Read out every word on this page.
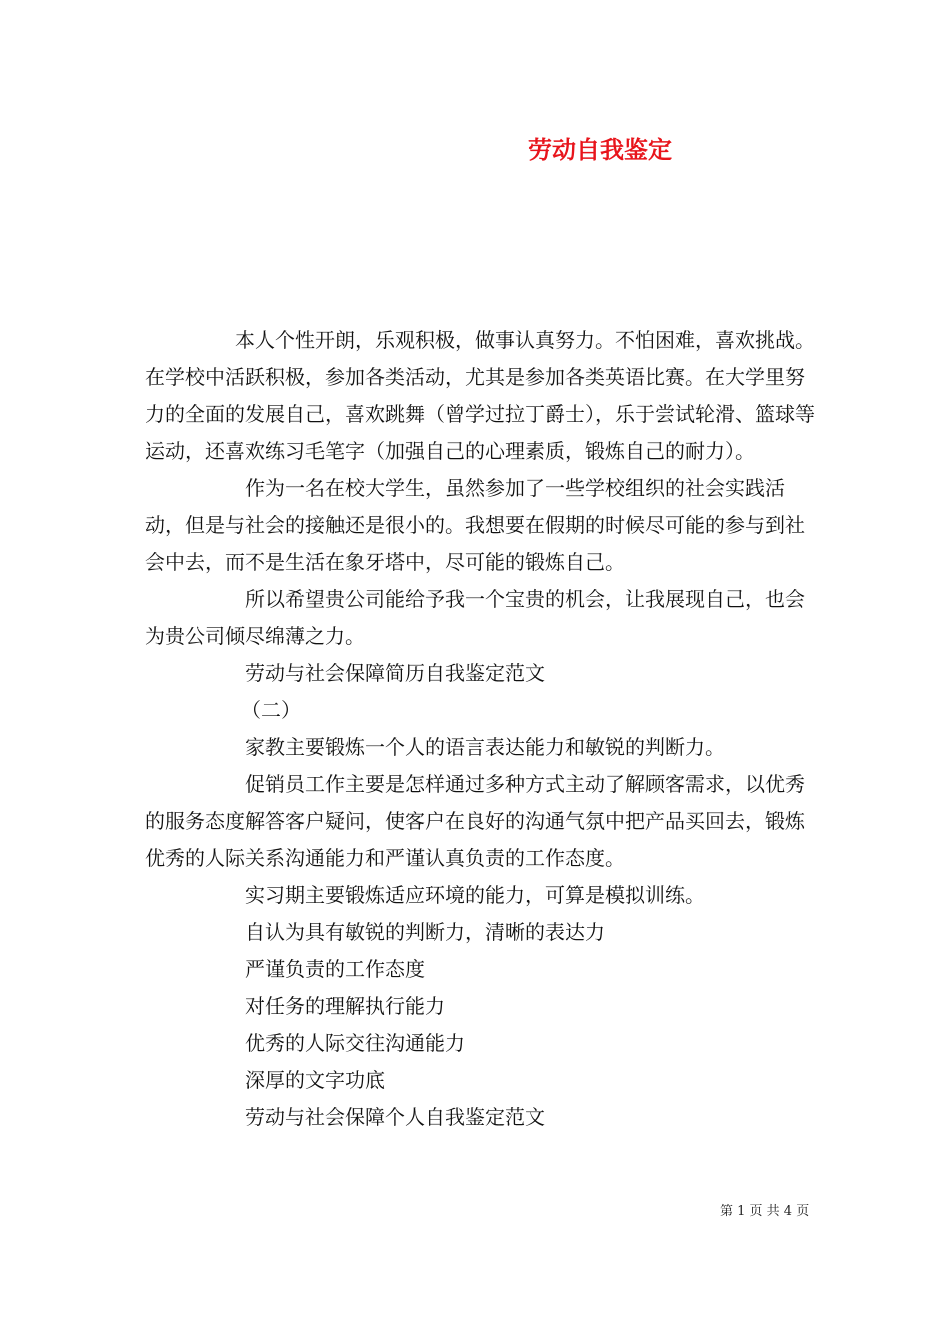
劳动自我鉴定

本人个性开朗，乐观积极，做事认真努力。不怕困难，喜欢挑战。在学校中活跃积极，参加各类活动，尤其是参加各类英语比赛。在大学里努力的全面的发展自己，喜欢跳舞（曾学过拉丁爵士），乐于尝试轮滑、篮球等运动，还喜欢练习毛笔字（加强自己的心理素质，锻炼自己的耐力）。

作为一名在校大学生，虽然参加了一些学校组织的社会实践活动，但是与社会的接触还是很小的。我想要在假期的时候尽可能的参与到社会中去，而不是生活在象牙塔中，尽可能的锻炼自己。

所以希望贵公司能给予我一个宝贵的机会，让我展现自己，也会为贵公司倾尽绵薄之力。

劳动与社会保障简历自我鉴定范文

（二）

家教主要锻炼一个人的语言表达能力和敏锐的判断力。

促销员工作主要是怎样通过多种方式主动了解顾客需求，以优秀的服务态度解答客户疑问，使客户在良好的沟通气氛中把产品买回去，锻炼优秀的人际关系沟通能力和严谨认真负责的工作态度。

实习期主要锻炼适应环境的能力，可算是模拟训练。

自认为具有敏锐的判断力，清晰的表达力

严谨负责的工作态度

对任务的理解执行能力

优秀的人际交往沟通能力

深厚的文字功底

劳动与社会保障个人自我鉴定范文

第 1 页 共 4 页
